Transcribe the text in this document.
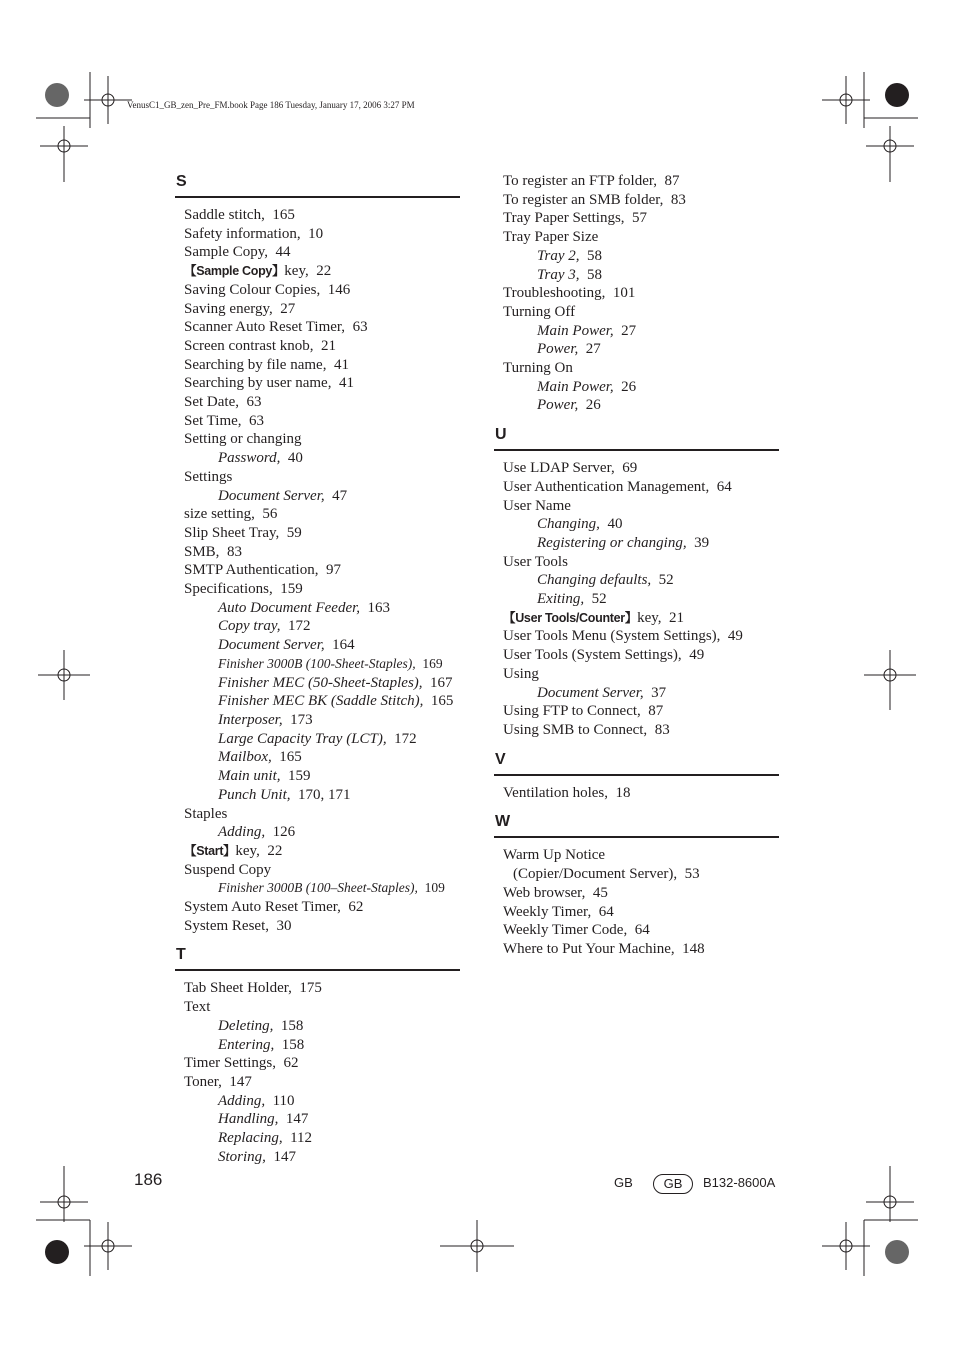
VenusC1_GB_zen_Pre_FM.book Page 186 Tuesday, January 17, 2006 3:27 PM
S
Saddle stitch,  165
Safety information,  10
Sample Copy,  44
【Sample Copy】key,  22
Saving Colour Copies,  146
Saving energy,  27
Scanner Auto Reset Timer,  63
Screen contrast knob,  21
Searching by file name,  41
Searching by user name,  41
Set Date,  63
Set Time,  63
Setting or changing
Password,  40
Settings
Document Server,  47
size setting,  56
Slip Sheet Tray,  59
SMB,  83
SMTP Authentication,  97
Specifications,  159
Auto Document Feeder,  163
Copy tray,  172
Document Server,  164
Finisher 3000B (100-Sheet-Staples),  169
Finisher MEC (50-Sheet-Staples),  167
Finisher MEC BK (Saddle Stitch),  165
Interposer,  173
Large Capacity Tray (LCT),  172
Mailbox,  165
Main unit,  159
Punch Unit,  170, 171
Staples
Adding,  126
【Start】key,  22
Suspend Copy
Finisher 3000B (100–Sheet-Staples),  109
System Auto Reset Timer,  62
System Reset,  30
T
Tab Sheet Holder,  175
Text
Deleting,  158
Entering,  158
Timer Settings,  62
Toner,  147
Adding,  110
Handling,  147
Replacing,  112
Storing,  147
To register an FTP folder,  87
To register an SMB folder,  83
Tray Paper Settings,  57
Tray Paper Size
Tray 2,  58
Tray 3,  58
Troubleshooting,  101
Turning Off
Main Power,  27
Power,  27
Turning On
Main Power,  26
Power,  26
U
Use LDAP Server,  69
User Authentication Management,  64
User Name
Changing,  40
Registering or changing,  39
User Tools
Changing defaults,  52
Exiting,  52
【User Tools/Counter】key,  21
User Tools Menu (System Settings),  49
User Tools (System Settings),  49
Using
Document Server,  37
Using FTP to Connect,  87
Using SMB to Connect,  83
V
Ventilation holes,  18
W
Warm Up Notice
(Copier/Document Server),  53
Web browser,  45
Weekly Timer,  64
Weekly Timer Code,  64
Where to Put Your Machine,  148
186	GB	GB	B132-8600A
